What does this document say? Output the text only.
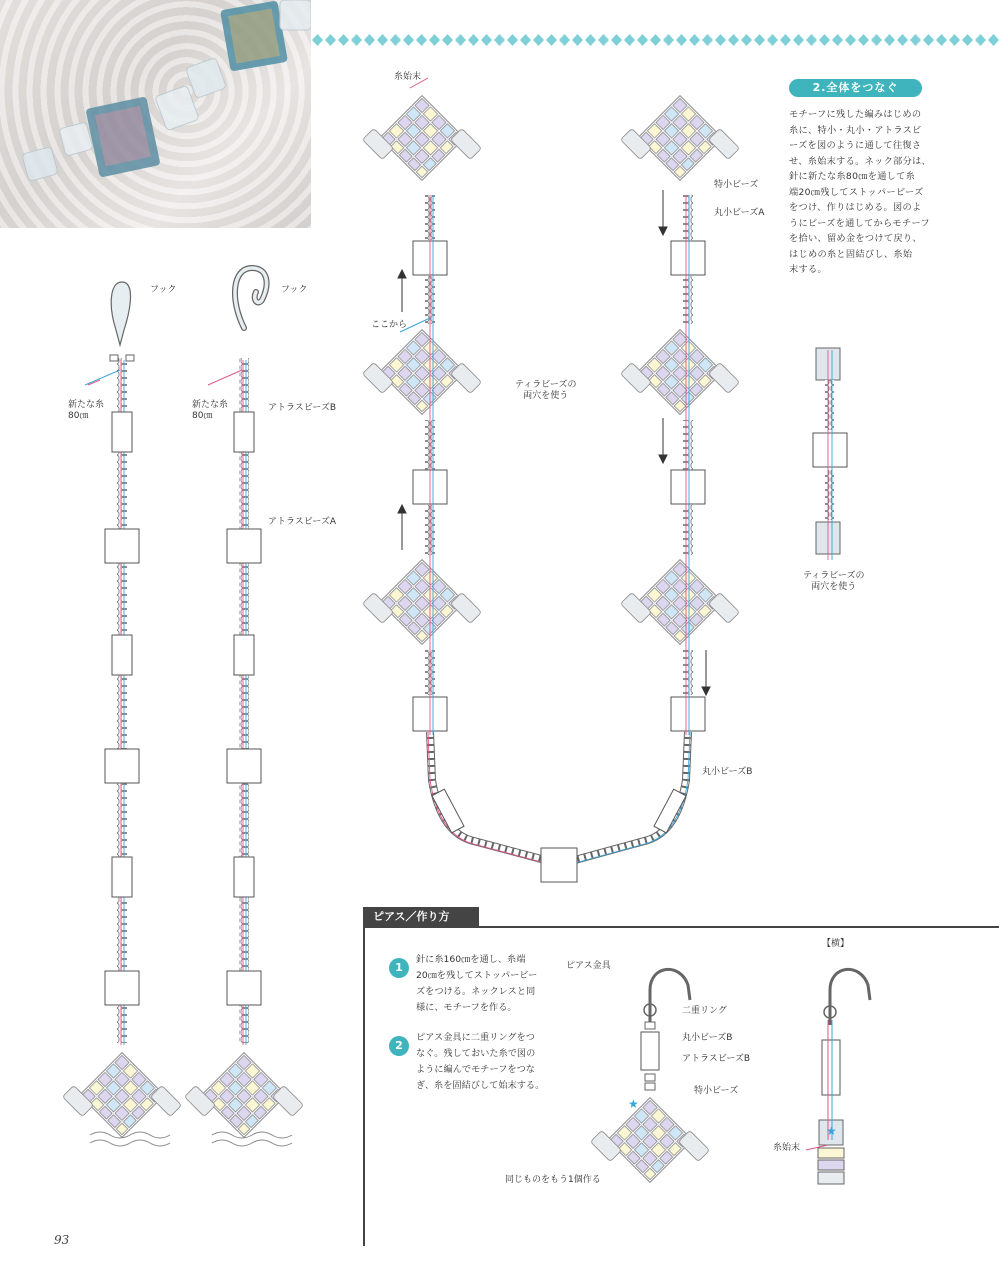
★
★
フック	フック
新たな糸
80㎝
新たな糸
80㎝
アトラスビーズB
アトラスビーズA
糸始末
ここから
ティラビーズの
両穴を使う
特小ビーズ
丸小ビーズA
丸小ビーズB
ティラビーズの
両穴を使う
2.全体をつなぐ
モチーフに残した編みはじめの
糸に、特小・丸小・アトラスビ
ーズを図のように通して往復さ
せ、糸始末する。ネック部分は、
針に新たな糸80㎝を通して糸
端20㎝残してストッパービーズ
をつけ、作りはじめる。図のよ
うにビーズを通してからモチーフ
を拾い、留め金をつけて戻り、
はじめの糸と固結びし、糸始
末する。
ピアス／作り方
1
針に糸160㎝を通し、糸端
20㎝を残してストッパービー
ズをつける。ネックレスと同
様に、モチーフを作る。
2
ピアス金具に二重リングをつ
なぐ。残しておいた糸で図の
ように編んでモチーフをつな
ぎ、糸を固結びして始末する。
ピアス金具
二重リング
丸小ビーズB
アトラスビーズB
特小ビーズ
【横】
糸始末
同じものをもう1個作る
93
